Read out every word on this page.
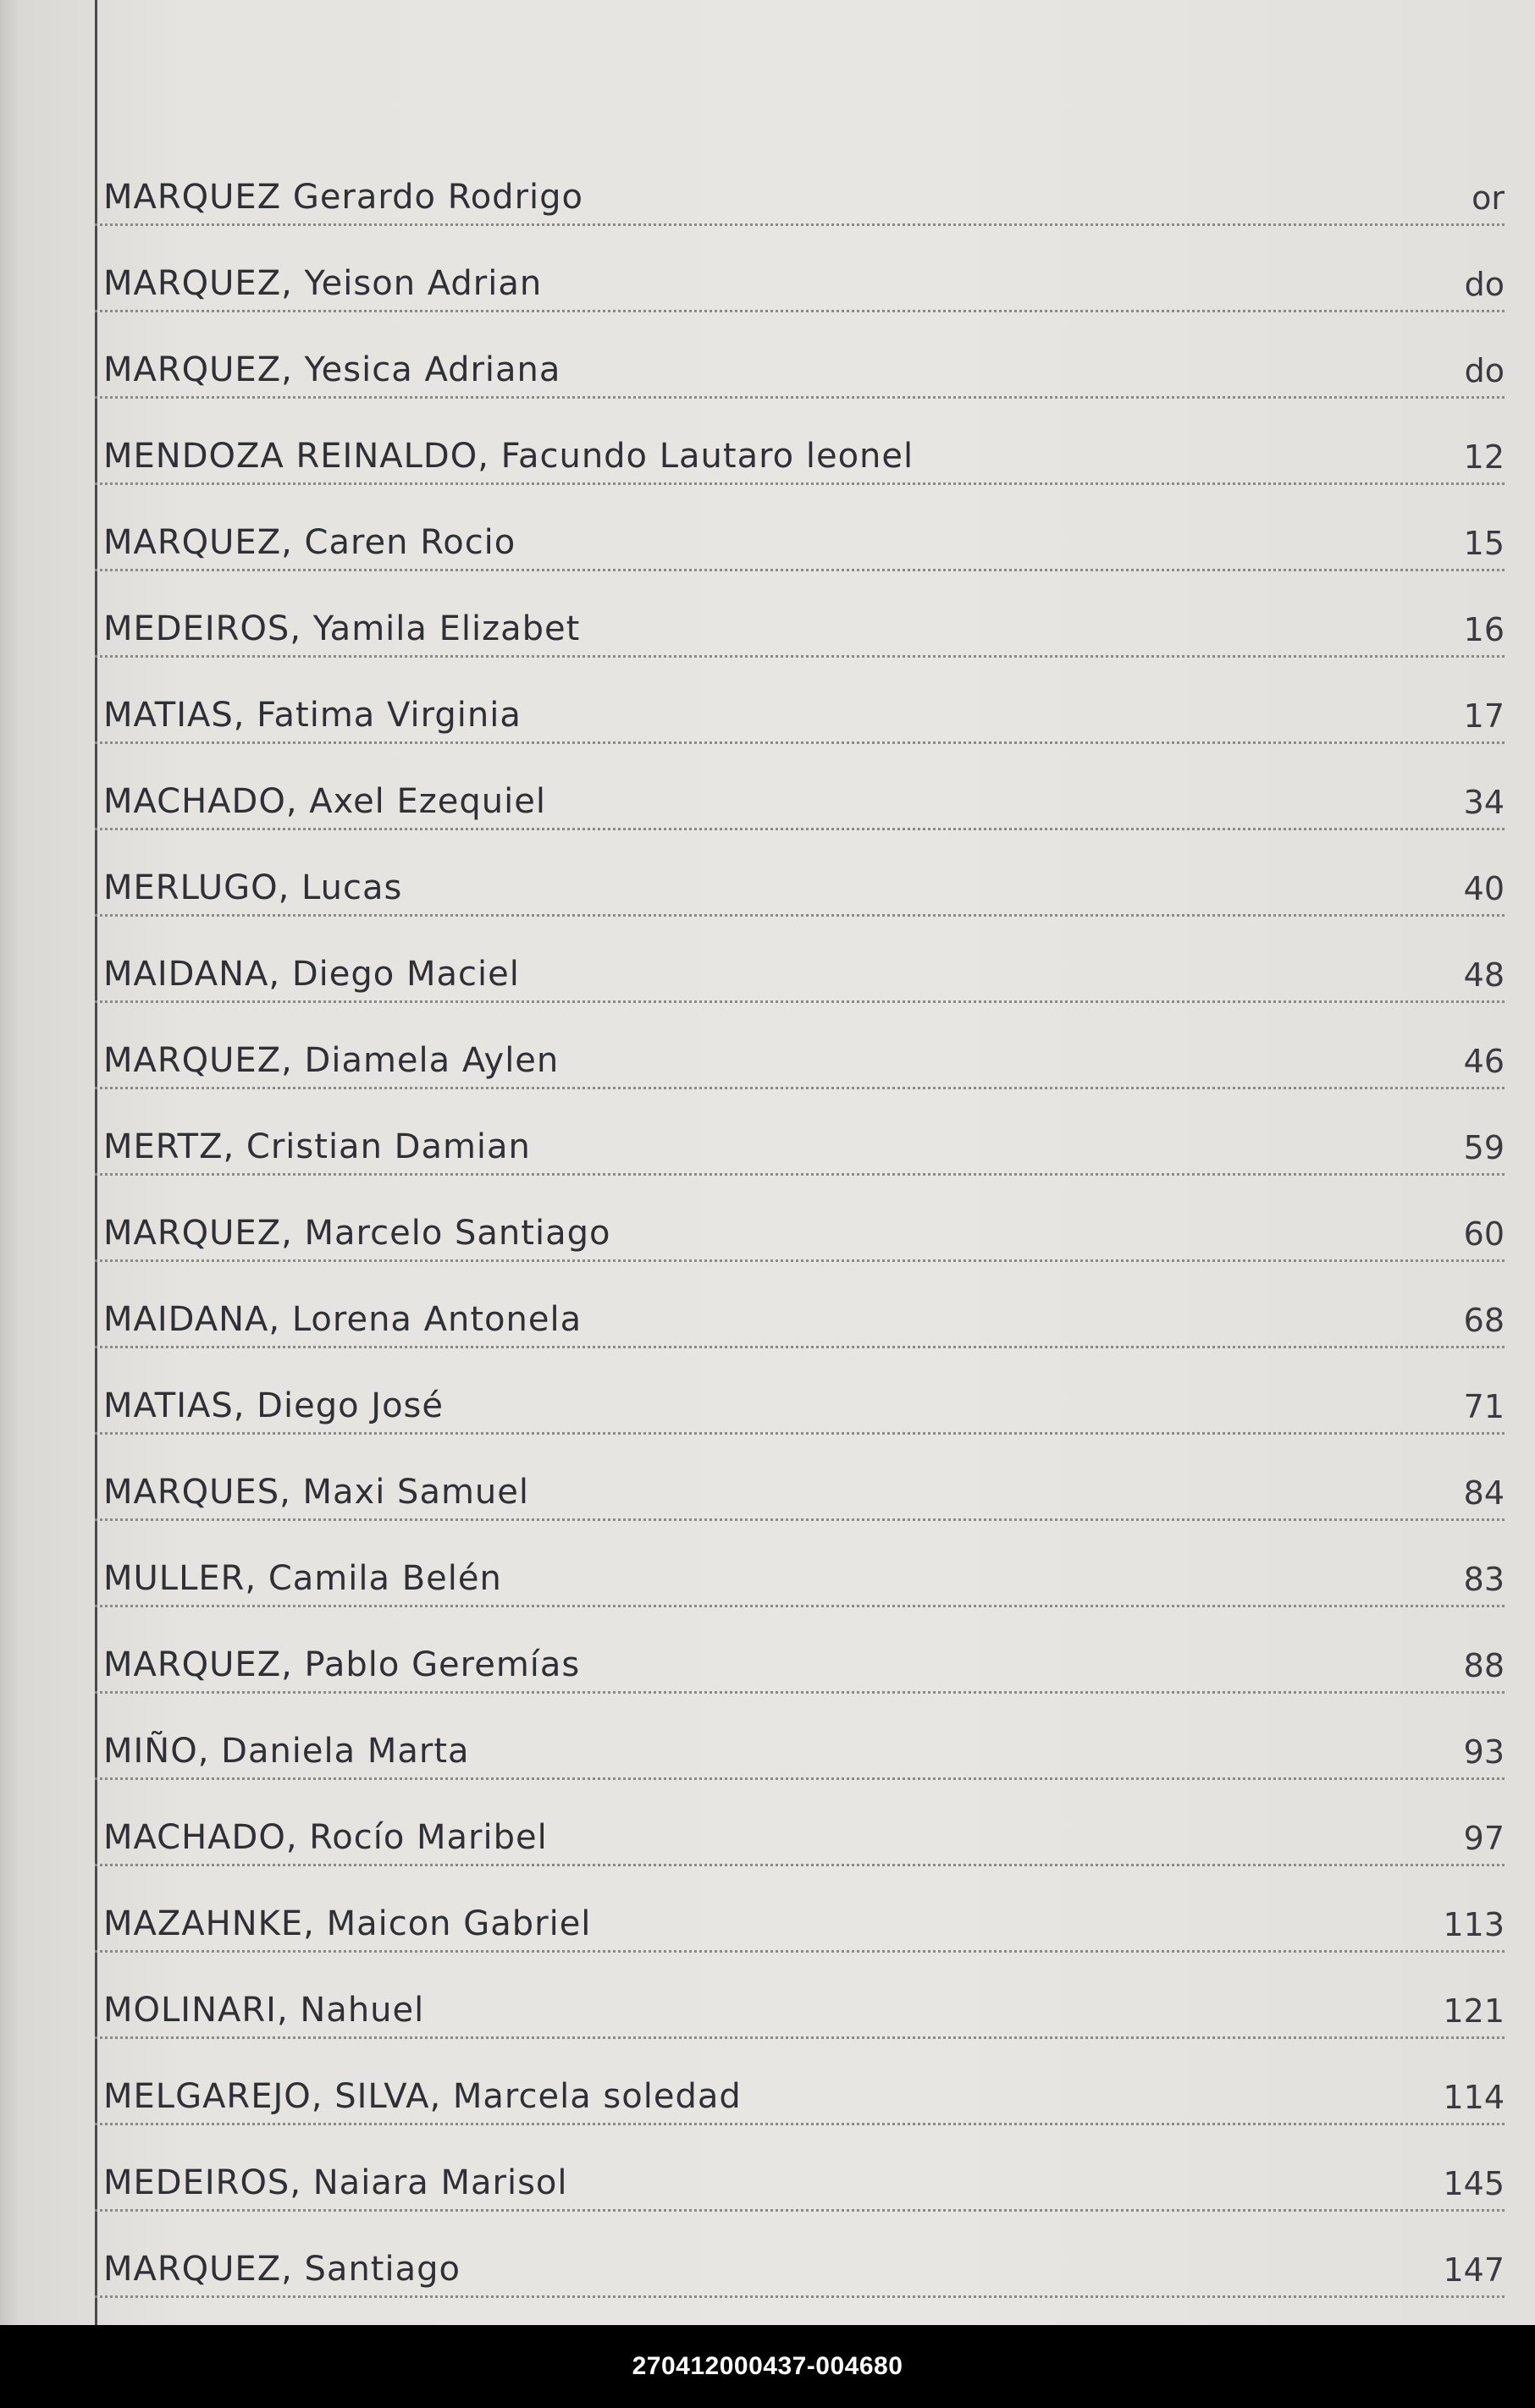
MARQUEZ Gerardo Rodrigo	or
MARQUEZ, Yeison Adrian	do
MARQUEZ, Yesica Adriana	do
MENDOZA REINALDO, Facundo Lautaro leonel	12
MARQUEZ, Caren Rocio	15
MEDEIROS, Yamila Elizabet	16
MATIAS, Fatima Virginia	17
MACHADO, Axel Ezequiel	34
MERLUGO, Lucas	40
MAIDANA, Diego Maciel	48
MARQUEZ, Diamela Aylen	46
MERTZ, Cristian Damian	59
MARQUEZ, Marcelo Santiago	60
MAIDANA, Lorena Antonela	68
MATIAS, Diego José	71
MARQUES, Maxi Samuel	84
MULLER, Camila Belén	83
MARQUEZ, Pablo Geremías	88
MIÑO, Daniela Marta	93
MACHADO, Rocío Maribel	97
MAZAHNKE, Maicon Gabriel	113
MOLINARI, Nahuel	121
MELGAREJO, SILVA, Marcela soledad	114
MEDEIROS, Naiara Marisol	145
MARQUEZ, Santiago	147
270412000437-004680
